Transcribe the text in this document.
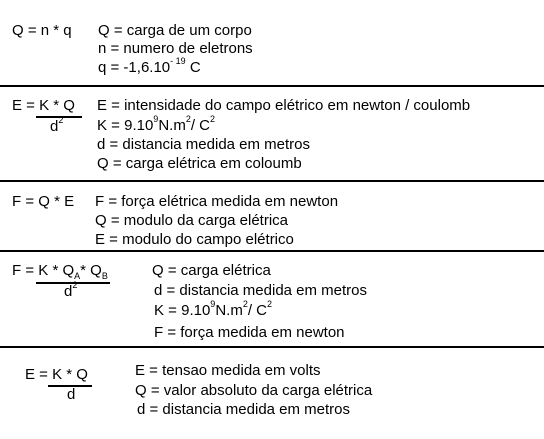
Q = n * q Q = carga de um corpo
n = numero de eletrons
$q = -1,6.10^{- 19}$ C
E = K * Q
$d^2$
E = intensidade do campo elétrico em newton / coulomb
$K = 9.10^9N.m^2/$ $C^2$
d = distancia medida em metros
Q = carga elétrica em coloumb
F = Q * E F = força elétrica medida em newton
Q = modulo da carga elétrica
E = modulo do campo elétrico
$F = K * Q_A*$ $Q_B$
$d^2$
Q = carga elétrica
d = distancia medida em metros
$K = 9.10^9N.m^2/$ $C^2$
F = força medida em newton
E = K * Q
d
E = tensao medida em volts
Q = valor absoluto da carga elétrica
d = distancia medida em metros
